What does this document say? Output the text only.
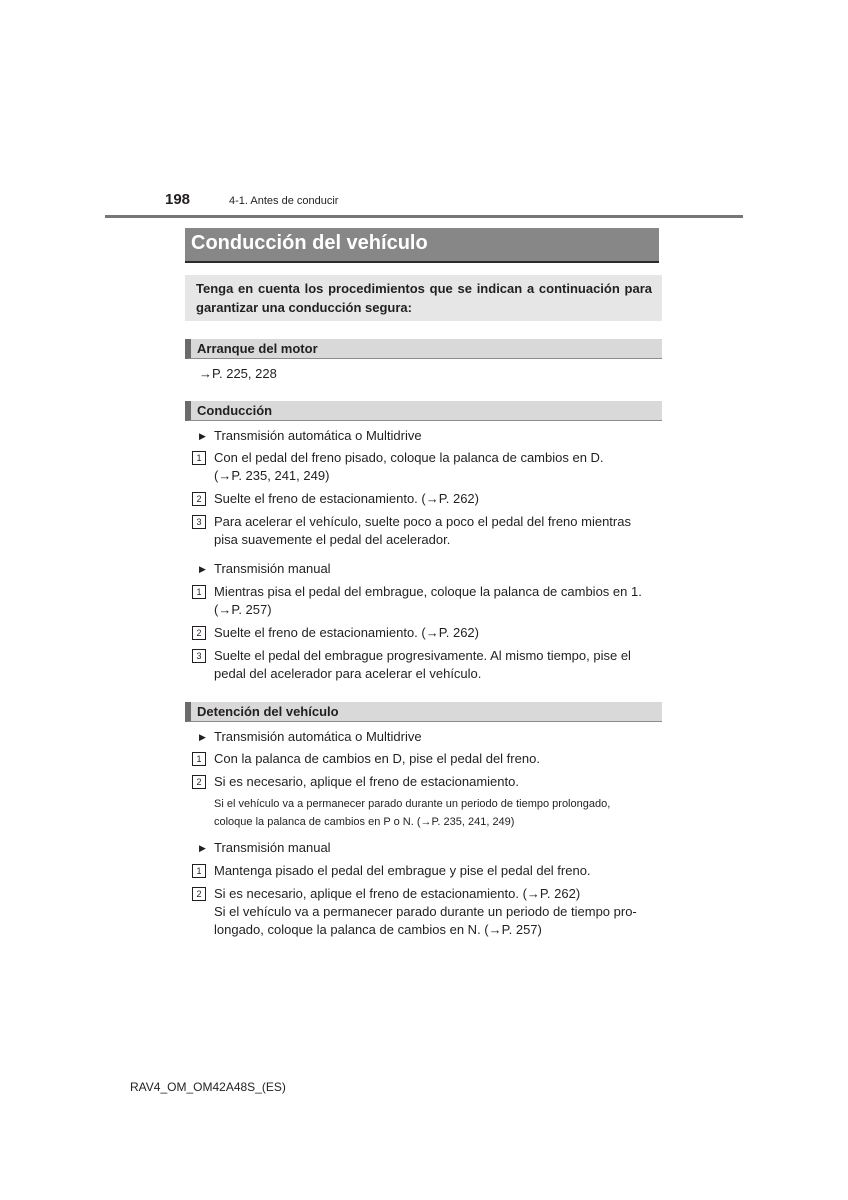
198	4-1. Antes de conducir
Conducción del vehículo
Tenga en cuenta los procedimientos que se indican a continuación para garantizar una conducción segura:
Arranque del motor
→P. 225, 228
Conducción
▶ Transmisión automática o Multidrive
1 Con el pedal del freno pisado, coloque la palanca de cambios en D.
(→P. 235, 241, 249)
2 Suelte el freno de estacionamiento. (→P. 262)
3 Para acelerar el vehículo, suelte poco a poco el pedal del freno mientras
pisa suavemente el pedal del acelerador.
▶ Transmisión manual
1 Mientras pisa el pedal del embrague, coloque la palanca de cambios en 1.
(→P. 257)
2 Suelte el freno de estacionamiento. (→P. 262)
3 Suelte el pedal del embrague progresivamente. Al mismo tiempo, pise el
pedal del acelerador para acelerar el vehículo.
Detención del vehículo
▶ Transmisión automática o Multidrive
1 Con la palanca de cambios en D, pise el pedal del freno.
2 Si es necesario, aplique el freno de estacionamiento.
Si el vehículo va a permanecer parado durante un periodo de tiempo prolongado,
coloque la palanca de cambios en P o N. (→P. 235, 241, 249)
▶ Transmisión manual
1 Mantenga pisado el pedal del embrague y pise el pedal del freno.
2 Si es necesario, aplique el freno de estacionamiento. (→P. 262)
Si el vehículo va a permanecer parado durante un periodo de tiempo pro-
longado, coloque la palanca de cambios en N. (→P. 257)
RAV4_OM_OM42A48S_(ES)
